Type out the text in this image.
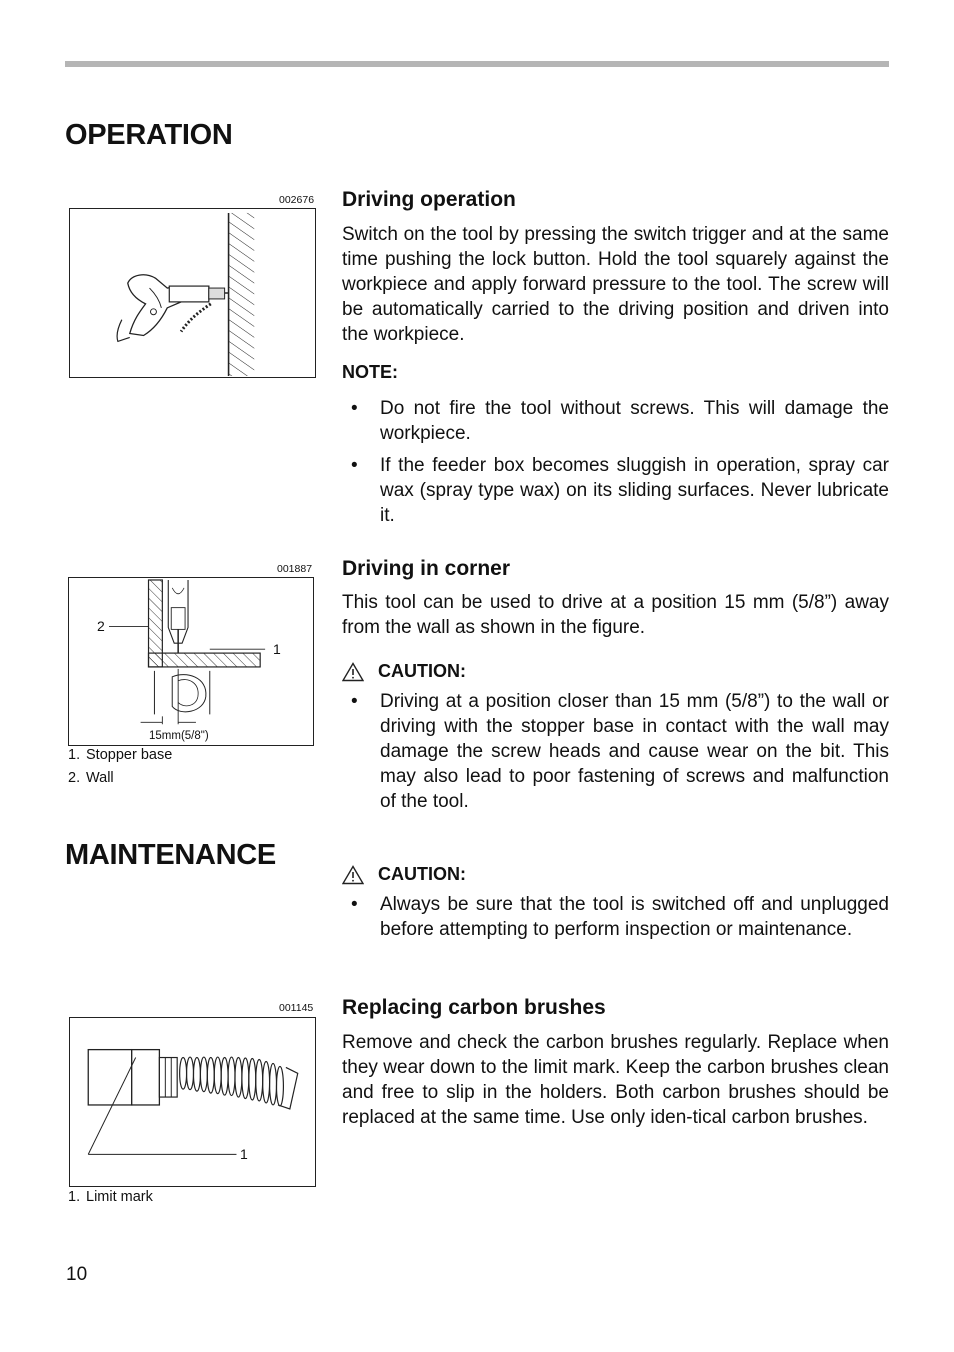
OPERATION
002676 Driving operation

Switch on the tool by pressing the switch trigger and at the same time pushing the lock button. Hold the tool squarely against the workpiece and apply forward pressure to the tool. The screw will be automatically carried to the driving position and driven into the workpiece.

NOTE:
• Do not fire the tool without screws. This will damage the workpiece.
• If the feeder box becomes sluggish in operation, spray car wax (spray type wax) on its sliding surfaces. Never lubricate it.
001887
2
1
15mm(5/8")
1. Stopper base
2. Wall
Driving in corner

This tool can be used to drive at a position 15 mm (5/8”) away from the wall as shown in the figure.

CAUTION:
• Driving at a position closer than 15 mm (5/8”) to the wall or driving with the stopper base in contact with the wall may damage the screw heads and cause wear on the bit. This may also lead to poor fastening of screws and malfunction of the tool.
MAINTENANCE
CAUTION:
• Always be sure that the tool is switched off and unplugged before attempting to perform inspection or maintenance.
001145
1
1. Limit mark
Replacing carbon brushes

Remove and check the carbon brushes regularly. Replace when they wear down to the limit mark. Keep the carbon brushes clean and free to slip in the holders. Both carbon brushes should be replaced at the same time. Use only iden-tical carbon brushes.

10
